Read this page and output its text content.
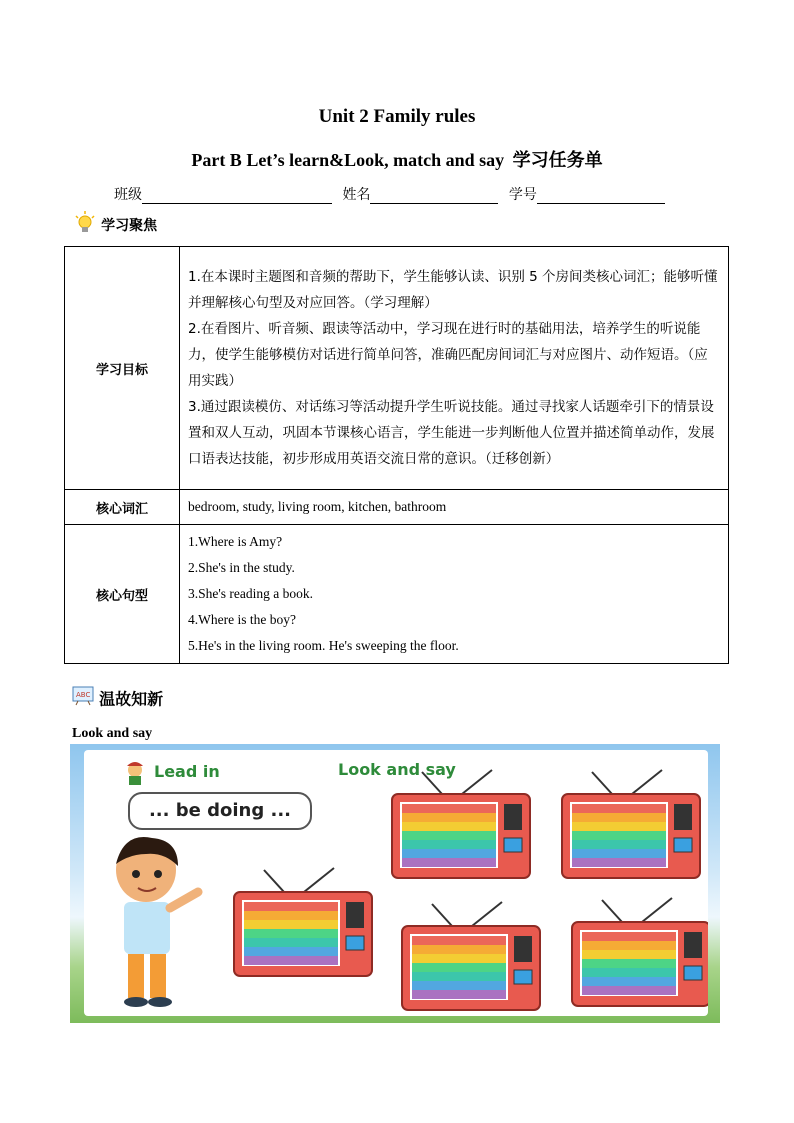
Unit 2 Family rules
Part B Let’s learn&Look, match and say 学习任务单
班级	姓名	学号
学习聚焦
学习目标	1.在本课时主题图和音频的帮助下，学生能够认读、识别 5 个房间类核心词汇；能够听懂并理解核心句型及对应回答。（学习理解）
2.在看图片、听音频、跟读等活动中，学习现在进行时的基础用法，培养学生的听说能力，使学生能够模仿对话进行简单问答，准确匹配房间词汇与对应图片、动作短语。（应用实践）
3.通过跟读模仿、对话练习等活动提升学生听说技能。通过寻找家人话题牵引下的情景设置和双人互动，巩固本节课核心语言，学生能进一步判断他人位置并描述简单动作，发展口语表达技能，初步形成用英语交流日常的意识。（迁移创新）

核心词汇	bedroom, study, living room, kitchen, bathroom
核心句型	1.Where is Amy?
2.She's in the study.
3.She's reading a book.
4.Where is the boy?
5.He's in the living room. He's sweeping the floor.
ABC 温故知新
Look and say
Lead in	Look and say
... be doing ...
